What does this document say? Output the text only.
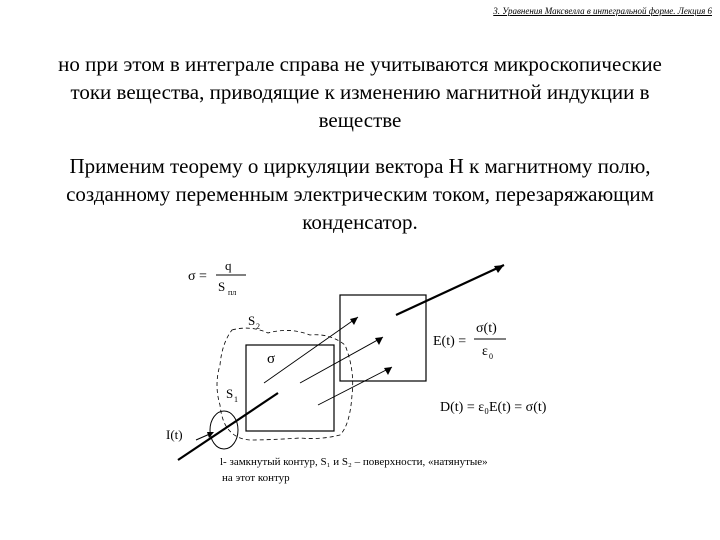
3. Уравнения Максвелла в интегральной форме. Лекция 6
но при этом в интеграле справа не учитываются микроскопические токи вещества, приводящие к изменению магнитной индукции в веществе
Применим теорему о циркуляции вектора H к магнитному полю, созданному переменным электрическим током, перезаряжающим конденсатор.
σ =
q
S пл
S 2
σ
S 1
I(t)
E(t) =
σ(t)
ε 0
D(t) = ε₀E(t) = σ(t)
l- замкнутый контур, S₁ и S₂ – поверхности, «натянутые»
на этот контур
